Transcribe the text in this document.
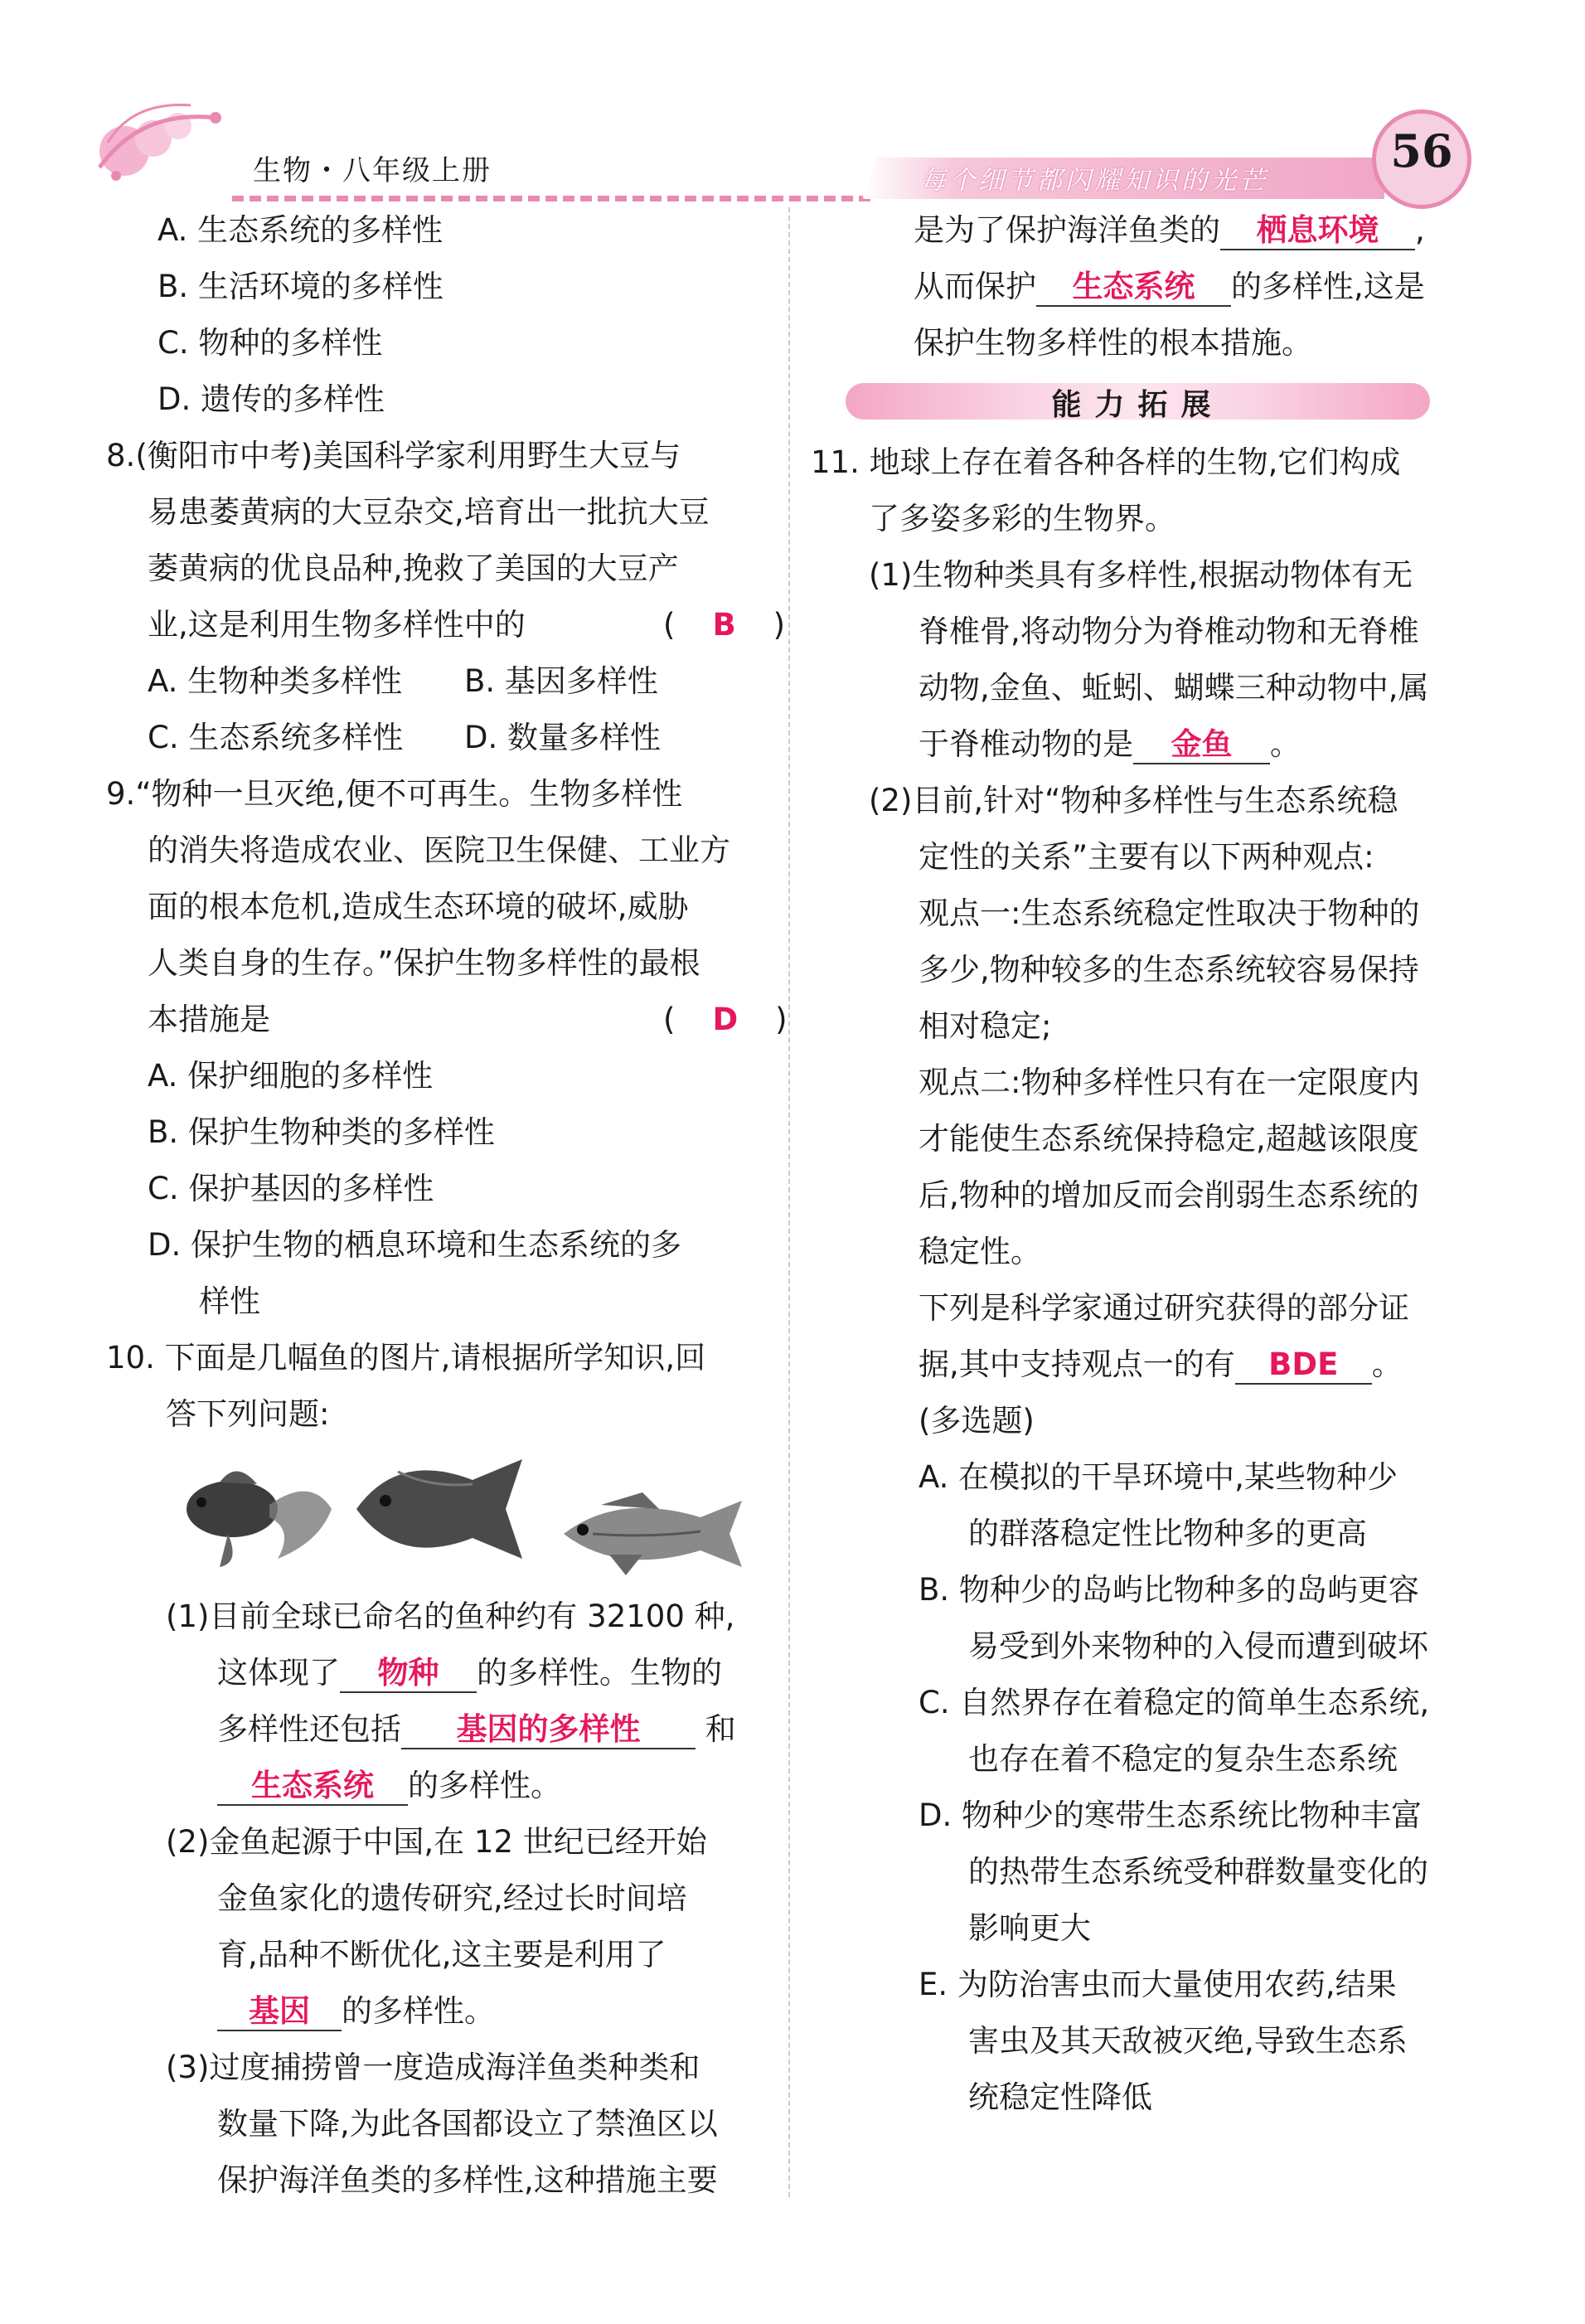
生物・八年级上册	每个细节都闪耀知识的光芒
56
A. 生态系统的多样性
B. 生活环境的多样性
C. 物种的多样性
D. 遗传的多样性
8.(衡阳市中考)美国科学家利用野生大豆与
易患萎黄病的大豆杂交,培育出一批抗大豆
萎黄病的优良品种,挽救了美国的大豆产
业,这是利用生物多样性中的	(　B　)
A. 生物种类多样性 B. 基因多样性
C. 生态系统多样性 D. 数量多样性
9.“物种一旦灭绝,便不可再生。生物多样性
的消失将造成农业、医院卫生保健、工业方
面的根本危机,造成生态环境的破坏,威胁
人类自身的生存。”保护生物多样性的最根
本措施是	(　D　)
A. 保护细胞的多样性
B. 保护生物种类的多样性
C. 保护基因的多样性
D. 保护生物的栖息环境和生态系统的多
样性
10. 下面是几幅鱼的图片,请根据所学知识,回
答下列问题:
(1)目前全球已命名的鱼种约有 32100 种,
这体现了 物种 的多样性。生物的
多样性还包括 基因的多样性 和
生态系统 的多样性。
(2)金鱼起源于中国,在 12 世纪已经开始
金鱼家化的遗传研究,经过长时间培
育,品种不断优化,这主要是利用了
基因 的多样性。
(3)过度捕捞曾一度造成海洋鱼类种类和
数量下降,为此各国都设立了禁渔区以
保护海洋鱼类的多样性,这种措施主要
是为了保护海洋鱼类的 栖息环境 ,
从而保护 生态系统 的多样性,这是
保护生物多样性的根本措施。
能力拓展
11. 地球上存在着各种各样的生物,它们构成
了多姿多彩的生物界。
(1)生物种类具有多样性,根据动物体有无
脊椎骨,将动物分为脊椎动物和无脊椎
动物,金鱼、蚯蚓、蝴蝶三种动物中,属
于脊椎动物的是 金鱼 。
(2)目前,针对“物种多样性与生态系统稳
定性的关系”主要有以下两种观点:
观点一:生态系统稳定性取决于物种的
多少,物种较多的生态系统较容易保持
相对稳定;
观点二:物种多样性只有在一定限度内
才能使生态系统保持稳定,超越该限度
后,物种的增加反而会削弱生态系统的
稳定性。
下列是科学家通过研究获得的部分证
据,其中支持观点一的有 BDE 。
(多选题)
A. 在模拟的干旱环境中,某些物种少
的群落稳定性比物种多的更高
B. 物种少的岛屿比物种多的岛屿更容
易受到外来物种的入侵而遭到破坏
C. 自然界存在着稳定的简单生态系统,
也存在着不稳定的复杂生态系统
D. 物种少的寒带生态系统比物种丰富
的热带生态系统受种群数量变化的
影响更大
E. 为防治害虫而大量使用农药,结果
害虫及其天敌被灭绝,导致生态系
统稳定性降低
